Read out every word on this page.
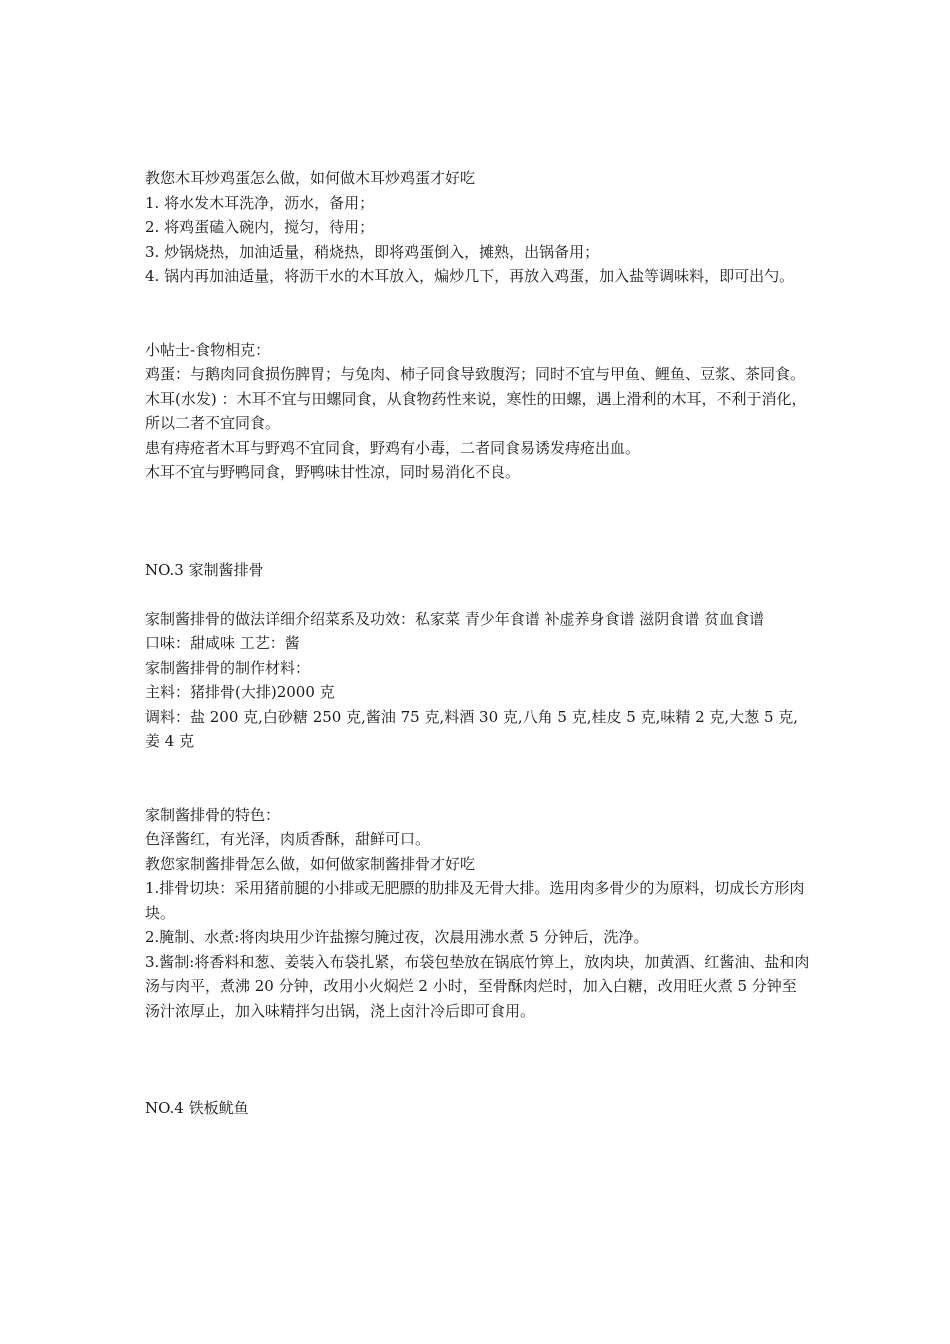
教您木耳炒鸡蛋怎么做，如何做木耳炒鸡蛋才好吃

1. 将水发木耳洗净，沥水，备用；

2. 将鸡蛋磕入碗内，搅匀，待用；

3. 炒锅烧热，加油适量，稍烧热，即将鸡蛋倒入，摊熟，出锅备用；

4. 锅内再加油适量，将沥干水的木耳放入，煸炒几下，再放入鸡蛋，加入盐等调味料，即可出勺。

小帖士-食物相克：

鸡蛋：与鹅肉同食损伤脾胃；与兔肉、柿子同食导致腹泻；同时不宜与甲鱼、鲤鱼、豆浆、茶同食。

木耳(水发) ：木耳不宜与田螺同食，从食物药性来说，寒性的田螺，遇上滑利的木耳，不利于消化，所以二者不宜同食。

患有痔疮者木耳与野鸡不宜同食，野鸡有小毒，二者同食易诱发痔疮出血。

木耳不宜与野鸭同食，野鸭味甘性凉，同时易消化不良。

NO.3 家制酱排骨

家制酱排骨的做法详细介绍菜系及功效：私家菜 青少年食谱 补虚养身食谱 滋阴食谱 贫血食谱

口味：甜咸味 工艺：酱

家制酱排骨的制作材料：

主料：猪排骨(大排)2000 克

调料：盐 200 克,白砂糖 250 克,酱油 75 克,料酒 30 克,八角 5 克,桂皮 5 克,味精 2 克,大葱 5 克,姜 4 克

家制酱排骨的特色：

色泽酱红，有光泽，肉质香酥，甜鲜可口。

教您家制酱排骨怎么做，如何做家制酱排骨才好吃

1.排骨切块：采用猪前腿的小排或无肥膘的肋排及无骨大排。选用肉多骨少的为原料，切成长方形肉块。

2.腌制、水煮:将肉块用少许盐擦匀腌过夜，次晨用沸水煮 5 分钟后，洗净。

3.酱制:将香料和葱、姜装入布袋扎紧，布袋包垫放在锅底竹箅上，放肉块，加黄酒、红酱油、盐和肉汤与肉平，煮沸 20 分钟，改用小火焖烂 2 小时，至骨酥肉烂时，加入白糖，改用旺火煮 5 分钟至汤汁浓厚止，加入味精拌匀出锅，浇上卤汁冷后即可食用。

NO.4 铁板鱿鱼
